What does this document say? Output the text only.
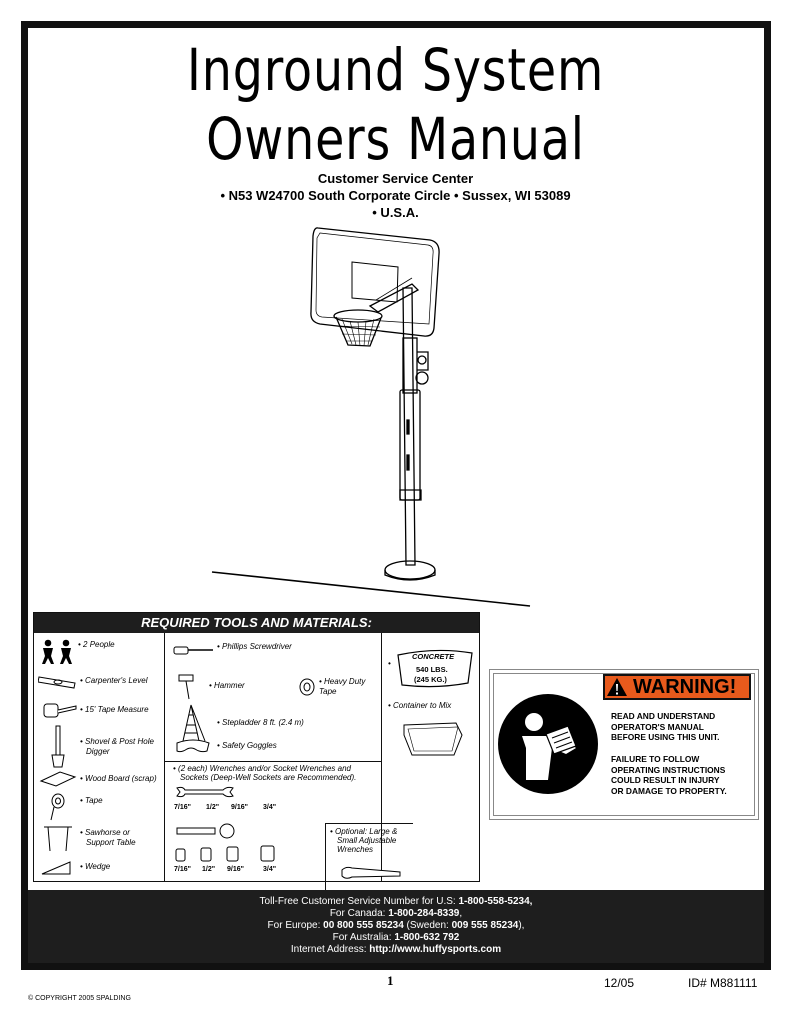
Inground System
Owners Manual
Customer Service Center
• N53 W24700 South Corporate Circle • Sussex, WI 53089
• U.S.A.
REQUIRED TOOLS AND MATERIALS:
• 2 People
• Carpenter's Level
• 15' Tape Measure
• Shovel & Post Hole
Digger
• Wood Board (scrap)
• Tape
• Sawhorse or
Support Table
• Wedge
• Phillips Screwdriver
• Hammer	• Heavy Duty Tape
• Stepladder 8 ft. (2.4 m)
• Safety Goggles
• (2 each) Wrenches and/or Socket Wrenches and
Sockets (Deep-Well Sockets are Recommended).
7/16" 1/2" 9/16" 3/4"
7/16" 1/2" 9/16"	3/4"
• Optional: Large &
Small Adjustable
Wrenches
•
CONCRETE
540 LBS.
(245 KG.)
• Container to Mix
WARNING!
READ AND UNDERSTAND
OPERATOR'S MANUAL
BEFORE USING THIS UNIT.
FAILURE TO FOLLOW
OPERATING INSTRUCTIONS
COULD RESULT IN INJURY
OR DAMAGE TO PROPERTY.
Toll-Free Customer Service Number for U.S: 1-800-558-5234,
For Canada: 1-800-284-8339,
For Europe: 00 800 555 85234 (Sweden: 009 555 85234),
For Australia: 1-800-632 792
Internet Address: http://www.huffysports.com
1	12/05	ID# M881111
© COPYRIGHT 2005 SPALDING
